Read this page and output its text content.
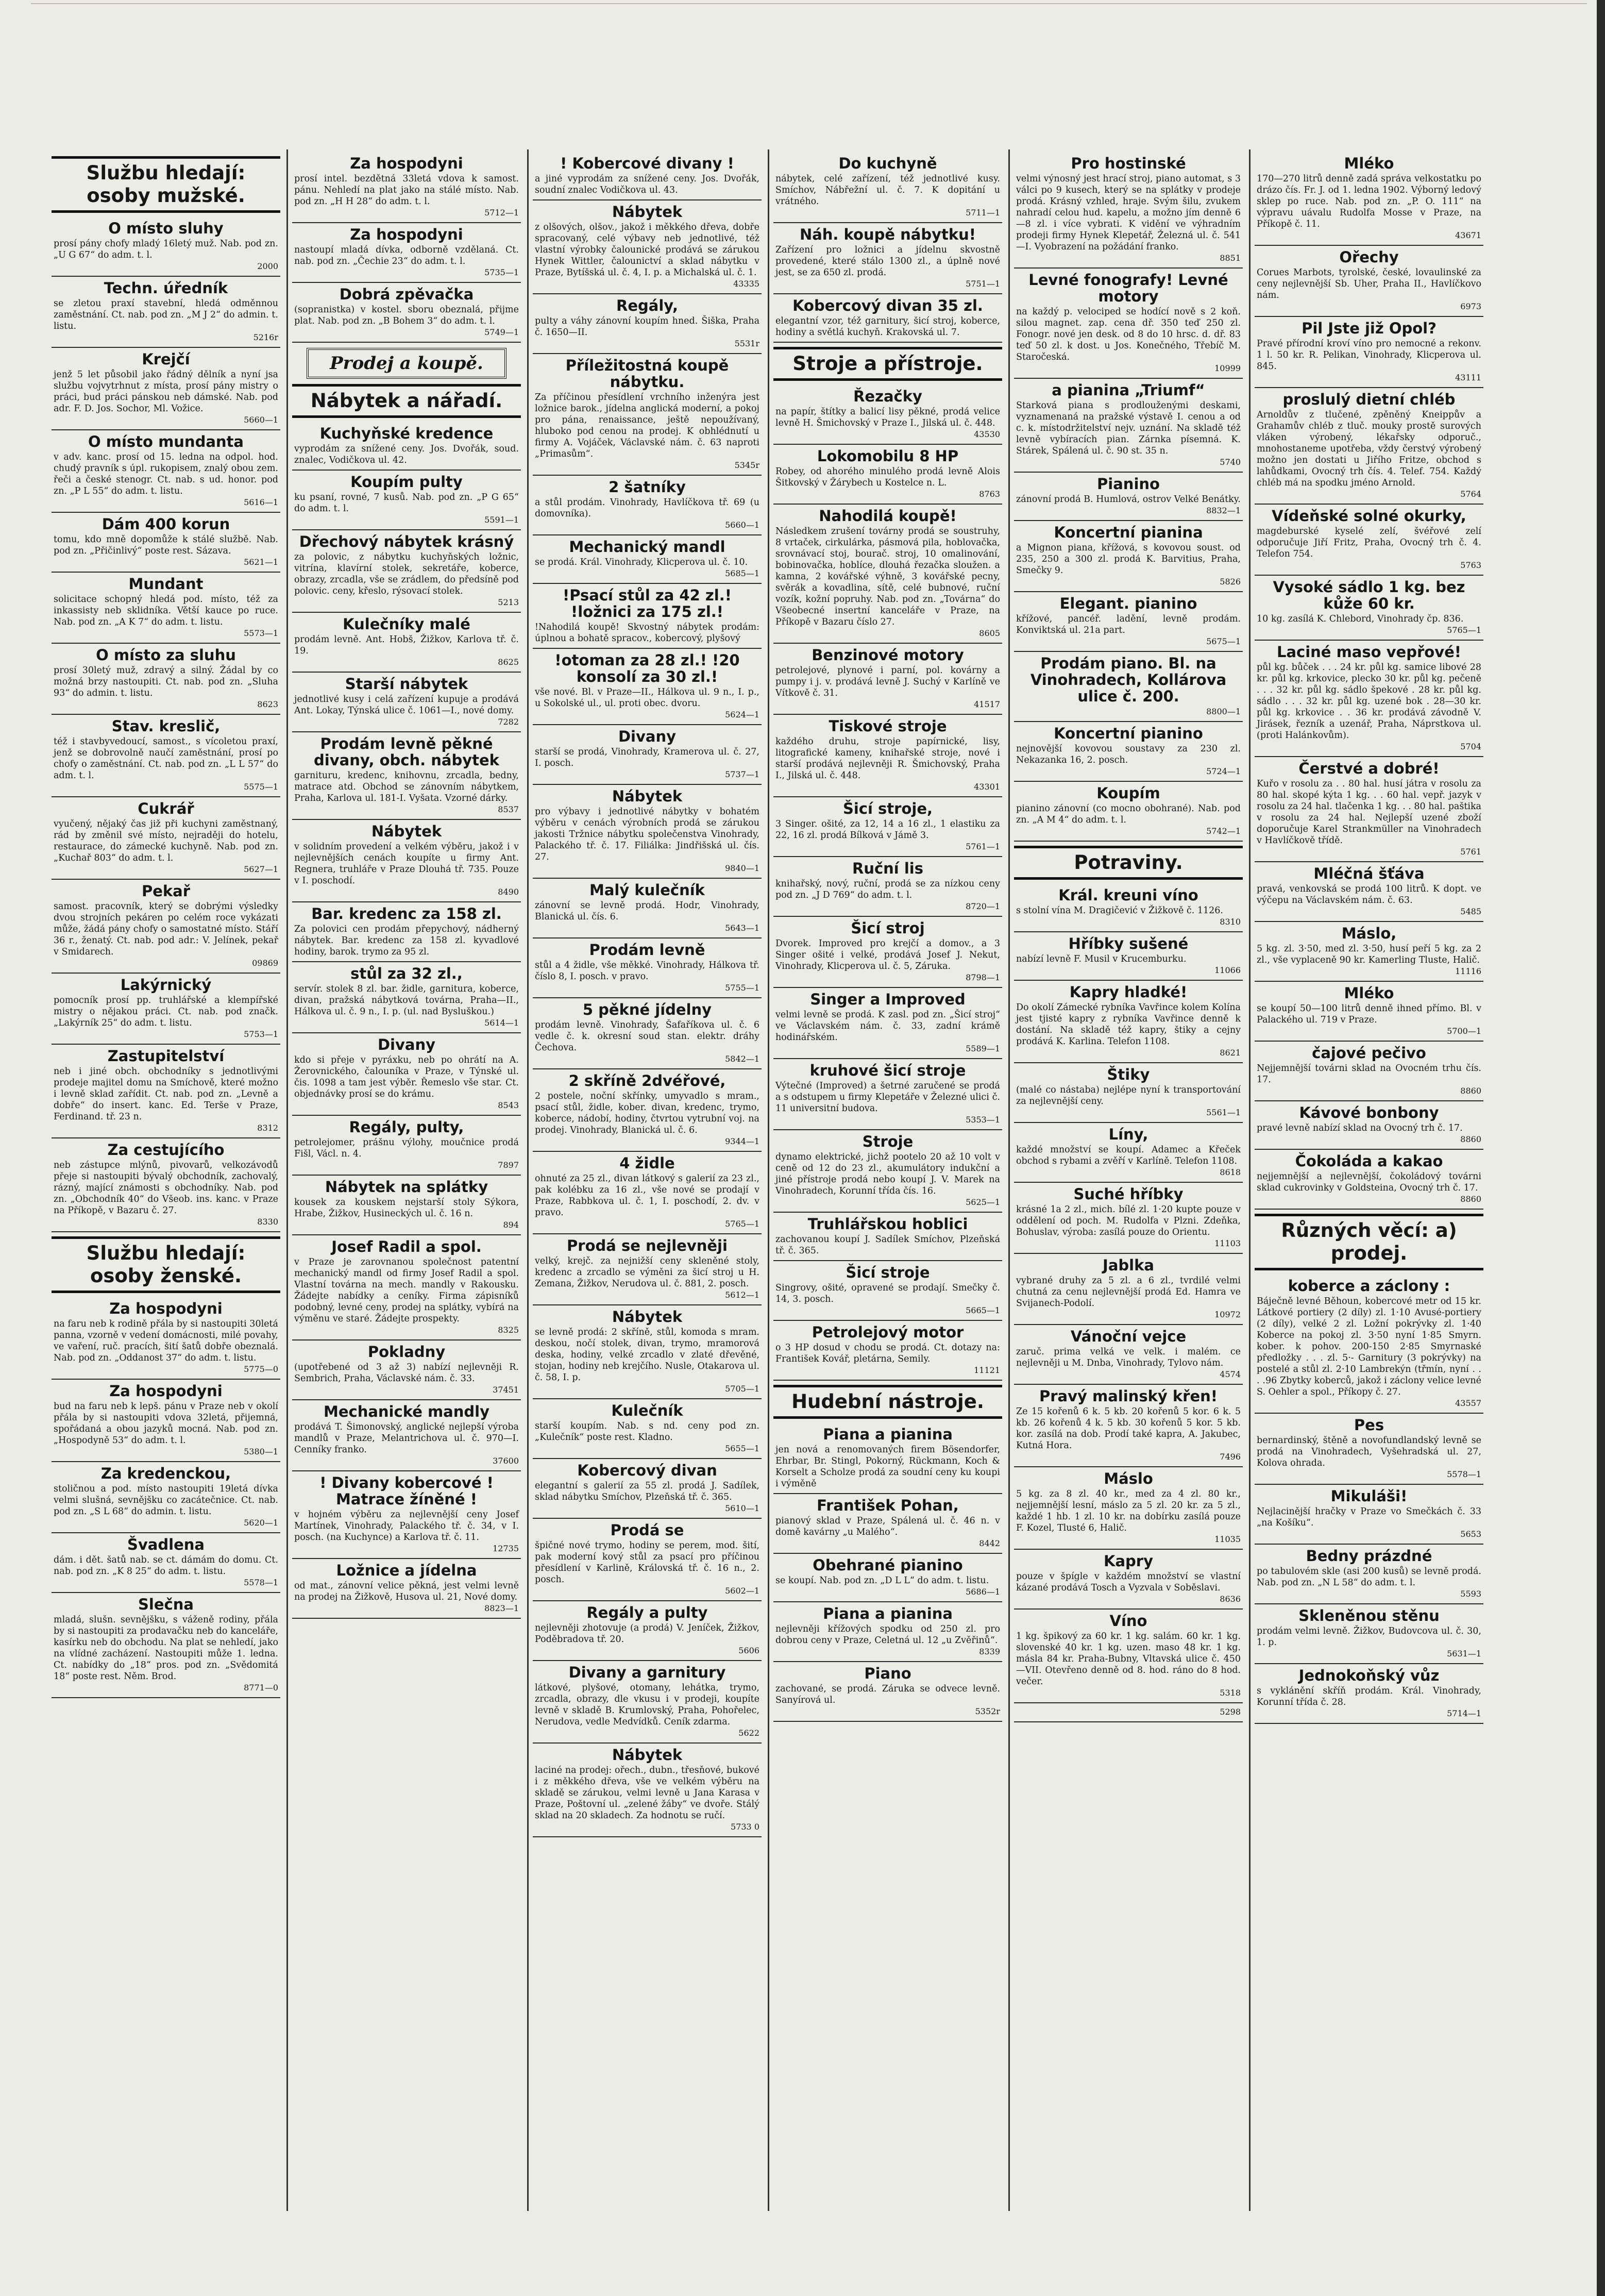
Službu hledají: osoby mužské.
O místo sluhy
prosí pány chofy mladý 16letý muž. Nab. pod zn. „U G 67“ do adm. t. l.
2000
Techn. úředník
se zletou praxí stavební, hledá odměnnou zaměstnání. Ct. nab. pod zn. „M J 2“ do admin. t. listu.
5216r
Krejčí
jenž 5 let působil jako řádný dělník a nyní jsa službu vojvytrhnut z místa, prosí pány mistry o práci, bud práci pánskou neb dámské. Nab. pod adr. F. D. Jos. Sochor, Ml. Vožice.
5660—1
O místo mundanta
v adv. kanc. prosí od 15. ledna na odpol. hod. chudý pravník s úpl. rukopisem, znalý obou zem. řeči a české stenogr. Ct. nab. s ud. honor. pod zn. „P L 55“ do adm. t. listu.
5616—1
Dám 400 korun
tomu, kdo mně dopomůže k stálé službě. Nab. pod zn. „Přičinlivý“ poste rest. Sázava.
5621—1
Mundant
solicitace schopný hledá pod. místo, též za inkassisty neb sklidníka. Větší kauce po ruce. Nab. pod zn. „A K 7“ do adm. t. listu.
5573—1
O místo za sluhu
prosí 30letý muž, zdravý a silný. Žádal by co možná brzy nastoupiti. Ct. nab. pod zn. „Sluha 93“ do admin. t. listu.
8623
Stav. kreslič,
též i stavbyvedoucí, samost., s vícoletou praxí, jenž se dobrovolně naučí zaměstnání, prosí po chofy o zaměstnání. Ct. nab. pod zn. „L L 57“ do adm. t. l.
5575—1
Cukrář
vyučený, nějaký čas již při kuchyni zaměstnaný, rád by změnil své místo, nejraději do hotelu, restaurace, do zámecké kuchyně. Nab. pod zn. „Kuchař 803“ do adm. t. l.
5627—1
Pekař
samost. pracovník, který se dobrými výsledky dvou strojních pekáren po celém roce vykázati může, žádá pány chofy o samostatné místo. Stáří 36 r., ženatý. Ct. nab. pod adr.: V. Jelínek, pekař v Smidarech.
09869
Lakýrnický
pomocník prosí pp. truhlářské a klempířské mistry o nějakou práci. Ct. nab. pod značk. „Lakýrník 25“ do adm. t. listu.
5753—1
Zastupitelství
neb i jiné obch. obchodníky s jednotlivými prodeje majitel domu na Smíchově, které možno i levně sklad zařídit. Ct. nab. pod zn. „Levně a dobře“ do insert. kanc. Ed. Terše v Praze, Ferdinand. tř. 23 n.
8312
Za cestujícího
neb zástupce mlýnů, pivovarů, velkozávodů přeje si nastoupiti bývalý obchodník, zachovalý, rázný, mající známosti s obchodníky. Nab. pod zn. „Obchodník 40“ do Všeob. ins. kanc. v Praze na Příkopě, v Bazaru č. 27.
8330
Službu hledají: osoby ženské.
Za hospodyni
na faru neb k rodině přála by si nastoupiti 30letá panna, vzorně v vedení domácnosti, milé povahy, ve vaření, ruč. pracích, šití šatů dobře obeznalá. Nab. pod zn. „Oddanost 37“ do adm. t. listu.
5775—0
Za hospodyni
bud na faru neb k lepš. pánu v Praze neb v okolí přála by si nastoupiti vdova 32letá, přijemná, spořádaná a obou jazyků mocná. Nab. pod zn. „Hospodyně 53“ do adm. t. l.
5380—1
Za kredenckou,
stoličnou a pod. místo nastoupiti 19letá dívka velmi slušná, sevnějšku co zacátečnice. Ct. nab. pod zn. „S L 68“ do admin. t. listu.
5620—1
Švadlena
dám. i dět. šatů nab. se ct. dámám do domu. Ct. nab. pod zn. „K 8 25“ do adm. t. listu.
5578—1
Slečna
mladá, slušn. sevnějšku, s váženě rodiny, přála by si nastoupiti za prodavačku neb do kanceláře, kasírku neb do obchodu. Na plat se nehledí, jako na vlídné zacházení. Nastoupiti může 1. ledna. Ct. nabídky do „18“ pros. pod zn. „Svědomitá 18“ poste rest. Něm. Brod.
8771—0
Za hospodyni
prosí intel. bezdětná 33letá vdova k samost. pánu. Nehledí na plat jako na stálé místo. Nab. pod zn. „H H 28“ do adm. t. l.
5712—1
Za hospodyni
nastoupí mladá dívka, odborně vzdělaná. Ct. nab. pod zn. „Čechie 23“ do adm. t. l.
5735—1
Dobrá zpěvačka
(sopranistka) v kostel. sboru obeznalá, přijme plat. Nab. pod zn. „B Bohem 3“ do adm. t. l.
5749—1
Prodej a koupě.
Nábytek a nářadí.
Kuchyňské kredence
vyprodám za snížené ceny. Jos. Dvořák, soud. znalec, Vodičkova ul. 42.
Koupím pulty
ku psaní, rovné, 7 kusů. Nab. pod zn. „P G 65“ do adm. t. l.
5591—1
Dřechový nábytek krásný
za polovic, z nábytku kuchyňských ložnic, vitrína, klavírní stolek, sekretáře, koberce, obrazy, zrcadla, vše se zrádlem, do předsíně pod polovic. ceny, křeslo, rýsovací stolek.
5213
Kulečníky malé
prodám levně. Ant. Hobš, Žižkov, Karlova tř. č. 19.
8625
Starší nábytek
jednotlivé kusy i celá zařízení kupuje a prodává Ant. Lokay, Týnská ulice č. 1061—I., nové domy.
7282
Prodám levně pěkné divany, obch. nábytek
garnituru, kredenc, knihovnu, zrcadla, bedny, matrace atd. Obchod se zánovním nábytkem, Praha, Karlova ul. 181-I. Vyšata. Vzorné dárky.
8537
Nábytek
v solidním provedení a velkém výběru, jakož i v nejlevnějších cenách koupíte u firmy Ant. Regnera, truhláře v Praze Dlouhá tř. 735. Pouze v I. poschodí.
8490
Bar. kredenc za 158 zl.
Za polovici cen prodám přepychový, nádherný nábytek. Bar. kredenc za 158 zl. kyvadlové hodiny, barok. trymo za 95 zl.
stůl za 32 zl.,
servír. stolek 8 zl. bar. židle, garnitura, koberce, divan, pražská nábytková továrna, Praha—II., Hálkova ul. č. 9 n., I. p. (ul. nad Bysluškou.)
5614—1
Divany
kdo si přeje v pyráxku, neb po ohrátí na A. Žerovnického, čalouníka v Praze, v Týnské ul. čis. 1098 a tam jest výběr. Řemeslo vše star. Ct. objednávky prosí se do krámu.
8543
Regály, pulty,
petrolejomer, prášnu výlohy, moučnice prodá Fišl, Václ. n. 4.
7897
Nábytek na splátky
kousek za kouskem nejstarší stoly Sýkora, Hrabe, Žižkov, Husineckých ul. č. 16 n.
894
Josef Radil a spol.
v Praze je zarovnanou společnost patentní mechanický mandl od firmy Josef Radil a spol. Vlastní továrna na mech. mandly v Rakousku. Žádejte nabídky a ceníky. Firma zápisníků podobný, levné ceny, prodej na splátky, vybírá na výměnu ve staré. Žádejte prospekty.
8325
Pokladny
(upotřebené od 3 až 3) nabízí nejlevněji R. Sembrich, Praha, Václavské nám. č. 33.
37451
Mechanické mandly
prodává T. Šimonovský, anglické nejlepší výroba mandlů v Praze, Melantrichova ul. č. 970—I. Cenníky franko.
37600
! Divany kobercové ! Matrace žíněné !
v hojném výběru za nejlevnější ceny Josef Martínek, Vinohrady, Palackého tř. č. 34, v I. posch. (na Kuchynce) a Karlova tř. č. 11.
12735
Ložnice a jídelna
od mat., zánovní velice pěkná, jest velmi levně na prodej na Žižkově, Husova ul. 21, Nové domy.
8823—1
! Kobercové divany !
a jiné vyprodám za snížené ceny. Jos. Dvořák, soudní znalec Vodičkova ul. 43.
Nábytek
z olšových, olšov., jakož i měkkého dřeva, dobře spracovaný, celé výbavy neb jednotlivé, též vlastní výrobky čalounické prodává se zárukou Hynek Wittler, čalounictví a sklad nábytku v Praze, Bytíšská ul. č. 4, I. p. a Michalská ul. č. 1.
43335
Regály,
pulty a váhy zánovní koupím hned. Šiška, Praha č. 1650—II.
5531r
Příležitostná koupě nábytku.
Za příčinou přesídlení vrchního inženýra jest ložnice barok., jídelna anglická moderní, a pokoj pro pána, renaissance, ještě nepoužívaný, hluboko pod cenou na prodej. K obhlédnutí u firmy A. Vojáček, Václavské nám. č. 63 naproti „Primasům“.
5345r
2 šatníky
a stůl prodám. Vinohrady, Havlíčkova tř. 69 (u domovníka).
5660—1
Mechanický mandl
se prodá. Král. Vinohrady, Klicperova ul. č. 10.
5685—1
!Psací stůl za 42 zl.! !ložnici za 175 zl.!
!Nahodilá koupě! Skvostný nábytek prodám: úplnou a bohatě spracov., kobercový, plyšový
!otoman za 28 zl.! !20 konsolí za 30 zl.!
vše nové. Bl. v Praze—II., Hálkova ul. 9 n., I. p., u Sokolské ul., ul. proti obec. dvoru.
5624—1
Divany
starší se prodá, Vinohrady, Kramerova ul. č. 27, I. posch.
5737—1
Nábytek
pro výbavy i jednotlivé nábytky v bohatém výběru v cenách výrobních prodá se zárukou jakosti Tržnice nábytku společenstva Vinohrady, Palackého tř. č. 17. Filiálka: Jindřišská ul. čís. 27.
9840—1
Malý kulečník
zánovní se levně prodá. Hodr, Vinohrady, Blanická ul. čís. 6.
5643—1
Prodám levně
stůl a 4 židle, vše měkké. Vinohrady, Hálkova tř. číslo 8, I. posch. v pravo.
5755—1
5 pěkné jídelny
prodám levně. Vinohrady, Šafaříkova ul. č. 6 vedle č. k. okresní soud stan. elektr. dráhy Čechova.
5842—1
2 skříně 2dvéřové,
2 postele, noční skřínky, umyvadlo s mram., psací stůl, židle, kober. divan, kredenc, trymo, koberce, nádobí, hodiny, čtvrtou vytrubní voj. na prodej. Vinohrady, Blanická ul. č. 6.
9344—1
4 židle
ohnuté za 25 zl., divan látkový s galerií za 23 zl., pak kolébku za 16 zl., vše nové se prodají v Praze, Rabbkova ul. č. 1, I. poschodí, 2. dv. v pravo.
5765—1
Prodá se nejlevněji
velký, krejč. za nejnižší ceny skleněné stoly, kredenc a zrcadlo se výměni za šicí stroj u H. Zemana, Žižkov, Nerudova ul. č. 881, 2. posch.
5612—1
Nábytek
se levně prodá: 2 skříně, stůl, komoda s mram. deskou, nočí stolek, divan, trymo, mramorová deska, hodiny, velké zrcadlo v zlaté dřevěné, stojan, hodiny neb krejčího. Nusle, Otakarova ul. č. 58, I. p.
5705—1
Kulečník
starší koupím. Nab. s nd. ceny pod zn. „Kulečník“ poste rest. Kladno.
5655—1
Kobercový divan
elegantní s galerií za 55 zl. prodá J. Sadílek, sklad nábytku Smíchov, Plzeňská tř. č. 365.
5610—1
Prodá se
špičné nové trymo, hodiny se perem, mod. šití, pak moderní kový stůl za psací pro příčinou přesídlení v Karlině, Královská tř. č. 16 n., 2. posch.
5602—1
Regály a pulty
nejlevněji zhotovuje (a prodá) V. Jeníček, Žižkov, Poděbradova tř. 20.
5606
Divany a garnitury
látkové, plyšové, otomany, lehátka, trymo, zrcadla, obrazy, dle vkusu i v prodeji, koupíte levně v skladě B. Krumlovský, Praha, Pohořelec, Nerudova, vedle Medvídků. Ceník zdarma.
5622
Nábytek
laciné na prodej: ořech., dubn., třesňové, bukové i z měkkého dřeva, vše ve velkém výběru na skladě se zárukou, velmi levně u Jana Karasa v Praze, Poštovní ul. „zelené žáby“ ve dvoře. Stálý sklad na 20 skladech. Za hodnotu se ručí.
5733 0
Do kuchyně
nábytek, celé zařízení, též jednotlivé kusy. Smíchov, Nábřežní ul. č. 7. K dopitání u vrátného.
5711—1
Náh. koupě nábytku!
Zařízení pro ložnici a jídelnu skvostně provedené, které stálo 1300 zl., a úplně nové jest, se za 650 zl. prodá.
5751—1
Kobercový divan 35 zl.
elegantní vzor, též garnitury, šicí stroj, koberce, hodiny a světlá kuchyň. Krakovská ul. 7.
Stroje a přístroje.
Řezačky
na papír, štítky a balicí lisy pěkné, prodá velice levně H. Šmichovský v Praze I., Jilská ul. č. 448.
43530
Lokomobilu 8 HP
Robey, od ahorého minulého prodá levně Alois Šitkovský v Žárybech u Kostelce n. L.
8763
Nahodilá koupě!
Následkem zrušení továrny prodá se soustruhy, 8 vrtaček, cirkulárka, pásmová pila, hoblovačka, srovnávací stoj, bourač. stroj, 10 omalinování, bobinovačka, hoblíce, dlouhá řezačka sloužen. a kamna, 2 kovářské výhně, 3 kovářské pecny, svěrák a kovadlina, sítě, celé bubnové, ruční vozík, kožní popruhy. Nab. pod zn. „Továrna“ do Všeobecné insertní kanceláře v Praze, na Příkopě v Bazaru číslo 27.
8605
Benzinové motory
petrolejové, plynové i parní, pol. kovárny a pumpy i j. v. prodává levně J. Suchý v Karlíně ve Vítkově č. 31.
41517
Tiskové stroje
každého druhu, stroje papírnické, lisy, litografické kameny, knihařské stroje, nové i starší prodává nejlevněji R. Šmichovský, Praha I., Jilská ul. č. 448.
43301
Šicí stroje,
3 Singer. ošité, za 12, 14 a 16 zl., 1 elastiku za 22, 16 zl. prodá Bílková v Jámě 3.
5761—1
Ruční lis
knihařský, nový, ruční, prodá se za nízkou ceny pod zn. „J D 769“ do adm. t. l.
8720—1
Šicí stroj
Dvorek. Improved pro krejčí a domov., a 3 Singer ošité i velké, prodává Josef J. Nekut, Vinohrady, Klicperova ul. č. 5, Záruka.
8798—1
Singer a Improved
velmi levně se prodá. K zasl. pod zn. „Šicí stroj“ ve Václavském nám. č. 33, zadní krámě hodinářském.
5589—1
kruhové šicí stroje
Výtečné (Improved) a šetrné zaručené se prodá a s odstupem u firmy Klepetáře v Železné ulici č. 11 universitní budova.
5353—1
Stroje
dynamo elektrické, jichž pootelo 20 až 10 volt v ceně od 12 do 23 zl., akumulátory indukční a jiné přístroje prodá nebo koupí J. V. Marek na Vinohradech, Korunní třída čís. 16.
5625—1
Truhlářskou hoblici
zachovanou koupí J. Sadílek Smíchov, Plzeňská tř. č. 365.
Šicí stroje
Singrovy, ošité, opravené se prodají. Smečky č. 14, 3. posch.
5665—1
Petrolejový motor
o 3 HP dosud v chodu se prodá. Ct. dotazy na: František Kovář, pletárna, Semily.
11121
Hudební nástroje.
Piana a pianina
jen nová a renomovaných firem Bösendorfer, Ehrbar, Br. Stingl, Pokorný, Rückmann, Koch & Korselt a Scholze prodá za soudní ceny ku koupi i výměně
František Pohan,
pianový sklad v Praze, Spálená ul. č. 46 n. v domě kavárny „u Malého“.
8442
Obehrané pianino
se koupí. Nab. pod zn. „D L L“ do adm. t. listu.
5686—1
Piana a pianina
nejlevněji křížových spodku od 250 zl. pro dobrou ceny v Praze, Celetná ul. 12 „u Zvěřinů“.
8339
Piano
zachované, se prodá. Záruka se odvece levně. Sanyírová ul.
5352r
Pro hostinské
velmi výnosný jest hrací stroj, piano automat, s 3 válci po 9 kusech, který se na splátky v prodeje prodá. Krásný vzhled, hraje. Svým šilu, zvukem nahradí celou hud. kapelu, a možno jím denně 6—8 zl. i více vybrati. K vidění ve výhradním prodeji firmy Hynek Klepetář, Železná ul. č. 541—I. Vyobrazení na požádání franko.
8851
Levné fonografy! Levné motory
na každý p. velociped se hodící nově s 2 koň. silou magnet. zap. cena dř. 350 teď 250 zl. Fonogr. nové jen desk. od 8 do 10 hrsc. d. dř. 83 teď 50 zl. k dost. u Jos. Konečného, Třebíč M. Staročeská.
10999
a pianina „Triumf“
Starková piana s prodlouženými deskami, vyznamenaná na pražské výstavě I. cenou a od c. k. místodržitelství nejv. uznání. Na skladě též levně vybíracích pian. Zárnka písemná. K. Stárek, Spálená ul. č. 90 st. 35 n.
5740
Pianino
zánovní prodá B. Humlová, ostrov Velké Benátky.
8832—1
Koncertní pianina
a Mignon piana, křížová, s kovovou soust. od 235, 250 a 300 zl. prodá K. Barvitius, Praha, Smečky 9.
5826
Elegant. pianino
křížové, pancéř. ladění, levně prodám. Konviktská ul. 21a part.
5675—1
Prodám piano. Bl. na Vinohradech, Kollárova ulice č. 200.
8800—1
Koncertní pianino
nejnovější kovovou soustavy za 230 zl. Nekazanka 16, 2. posch.
5724—1
Koupím
pianino zánovní (co mocno obohrané). Nab. pod zn. „A M 4“ do adm. t. l.
5742—1
Potraviny.
Král. kreuni víno
s stolní vína M. Dragičević v Žižkově č. 1126.
8310
Hříbky sušené
nabízí levně F. Musil v Krucemburku.
11066
Kapry hladké!
Do okolí Zámecké rybníka Vavřince kolem Kolína jest tjisté kapry z rybníka Vavřince denně k dostání. Na skladě též kapry, štiky a cejny prodává K. Karlina. Telefon 1108.
8621
Štiky
(malé co nástaba) nejlépe nyní k transportování za nejlevnější ceny.
5561—1
Líny,
každé množství se koupí. Adamec a Křeček obchod s rybami a zvěří v Karlíně. Telefon 1108.
8618
Suché hříbky
krásné 1a 2 zl., mich. bílé zl. 1·20 kupte pouze v oddělení od poch. M. Rudolfa v Plzni. Zdeňka, Bohuslav, výroba: zasílá pouze do Orientu.
11103
Jablka
vybrané druhy za 5 zl. a 6 zl., tvrdilé velmi chutná za cenu nejlevnější prodá Ed. Hamra ve Svijanech-Podolí.
10972
Vánoční vejce
zaruč. prima velká ve velk. i malém. ce nejlevněji u M. Dnba, Vinohrady, Tylovo nám.
4574
Pravý malinský křen!
Ze 15 kořenů 6 k. 5 kb. 20 kořenů 5 kor. 6 k. 5 kb. 26 kořenů 4 k. 5 kb. 30 kořenů 5 kor. 5 kb. kor. zasílá na dob. Prodí také kapra, A. Jakubec, Kutná Hora.
7496
Máslo
5 kg. za 8 zl. 40 kr., med za 4 zl. 80 kr., nejjemnější lesní, máslo za 5 zl. 20 kr. za 5 zl., každé 1 hb. 1 zl. 10 kr. na dobírku zasílá pouze F. Kozel, Tlusté 6, Halič.
11035
Kapry
pouze v špígle v každém množství se vlastní kázané prodává Tosch a Vyzvala v Soběslavi.
8636
Víno
1 kg. špikový za 60 kr. 1 kg. salám. 60 kr. 1 kg. slovenské 40 kr. 1 kg. uzen. maso 48 kr. 1 kg. másla 84 kr. Praha-Bubny, Vltavská ulice č. 450—VII. Otevřeno denně od 8. hod. ráno do 8 hod. večer.
5318
5298
Mléko
170—270 litrů denně zadá správa velkostatku po drázo čís. Fr. J. od 1. ledna 1902. Výborný ledový sklep po ruce. Nab. pod zn. „P. O. 111“ na výpravu uávalu Rudolfa Mosse v Praze, na Příkopě č. 11.
43671
Ořechy
Corues Marbots, tyrolské, české, lovaulinské za ceny nejlevnější Sb. Uher, Praha II., Havlíčkovo nám.
6973
Pil Jste již Opol?
Pravé přírodní kroví víno pro nemocné a rekonv. 1 l. 50 kr. R. Pelikan, Vinohrady, Klicperova ul. 845.
43111
proslulý dietní chléb
Arnoldův z tlučené, zpěněný Kneippův a Grahamův chléb z tluč. mouky prostě surových vláken výrobený, lékařsky odporuč., mnohostaneme upotřeba, vždy čerstvý výrobený možno jen dostati u Jiřího Fritze, obchod s lahůdkami, Ovocný trh čís. 4. Telef. 754. Každý chléb má na spodku jméno Arnold.
5764
Vídeňské solné okurky,
magdeburské kyselé zelí, švéřové zelí odporučuje Jiří Fritz, Praha, Ovocný trh č. 4. Telefon 754.
5763
Vysoké sádlo 1 kg. bez kůže 60 kr.
10 kg. zasílá K. Chlebord, Vinohrady čp. 836.
5765—1
Laciné maso vepřové!
půl kg. bůček . . . 24 kr. půl kg. samice libové 28 kr. půl kg. krkovice, plecko 30 kr. půl kg. pečeně . . . 32 kr. půl kg. sádlo špekové . 28 kr. půl kg. sádlo . . . 32 kr. půl kg. uzené bok . 28—30 kr. půl kg. krkovice . . 36 kr. prodává závodně V. Jirásek, řezník a uzenář, Praha, Náprstkova ul. (proti Halánkovům).
5704
Čerstvé a dobré!
Kuřo v rosolu za . . 80 hal. husí játra v rosolu za 80 hal. skopé kýta 1 kg. . . 60 hal. vepř. jazyk v rosolu za 24 hal. tlačenka 1 kg. . . 80 hal. paštika v rosolu za 24 hal. Nejlepší uzené zboží doporučuje Karel Strankmüller na Vinohradech v Havlíčkově třídě.
5761
Mléčná šťáva
pravá, venkovská se prodá 100 litrů. K dopt. ve výčepu na Václavském nám. č. 63.
5485
Máslo,
5 kg. zl. 3·50, med zl. 3·50, husí peří 5 kg. za 2 zl., vše vyplaceně 90 kr. Kamerling Tluste, Halič.
11116
Mléko
se koupí 50—100 litrů denně ihned přímo. Bl. v Palackého ul. 719 v Praze.
5700—1
čajové pečivo
Nejjemnější továrni sklad na Ovocném trhu čís. 17.
8860
Kávové bonbony
pravé levně nabízí sklad na Ovocný trh č. 17.
8860
Čokoláda a kakao
nejjemnější a nejlevnější, čokoládový továrni sklad cukrovinky v Goldsteina, Ovocný trh č. 17.
8860
Různých věcí: a) prodej.
koberce a záclony :
Báječně levné Běhoun, kobercové metr od 15 kr. Látkové portiery (2 díly) zl. 1·10 Avusé-portiery (2 díly), velké 2 zl. Ložní pokrývky zl. 1·40 Koberce na pokoj zl. 3·50 nyní 1·85 Smyrn. kober. k pohov. 200-150 2·85 Smyrnaské předložky . . . zl. 5·- Garnitury (3 pokrývky) na postelé a stůl zl. 2·10 Lambrekýn (třmín, nyní . . . .96 Zbytky koberců, jakož i záclony velice levné S. Oehler a spol., Příkopy č. 27.
43557
Pes
bernardinský, štěně a novofundlandský levně se prodá na Vinohradech, Vyšehradská ul. 27, Kolova ohrada.
5578—1
Mikuláši!
Nejlacinější hračky v Praze vo Smečkách č. 33 „na Košíku“.
5653
Bedny prázdné
po tabulovém skle (asi 200 kusů) se levně prodá. Nab. pod zn. „N L 58“ do adm. t. l.
5593
Skleněnou stěnu
prodám velmi levně. Žižkov, Budovcova ul. č. 30, 1. p.
5631—1
Jednokoňský vůz
s vyklánění skříň prodám. Král. Vinohrady, Korunní třída č. 28.
5714—1
